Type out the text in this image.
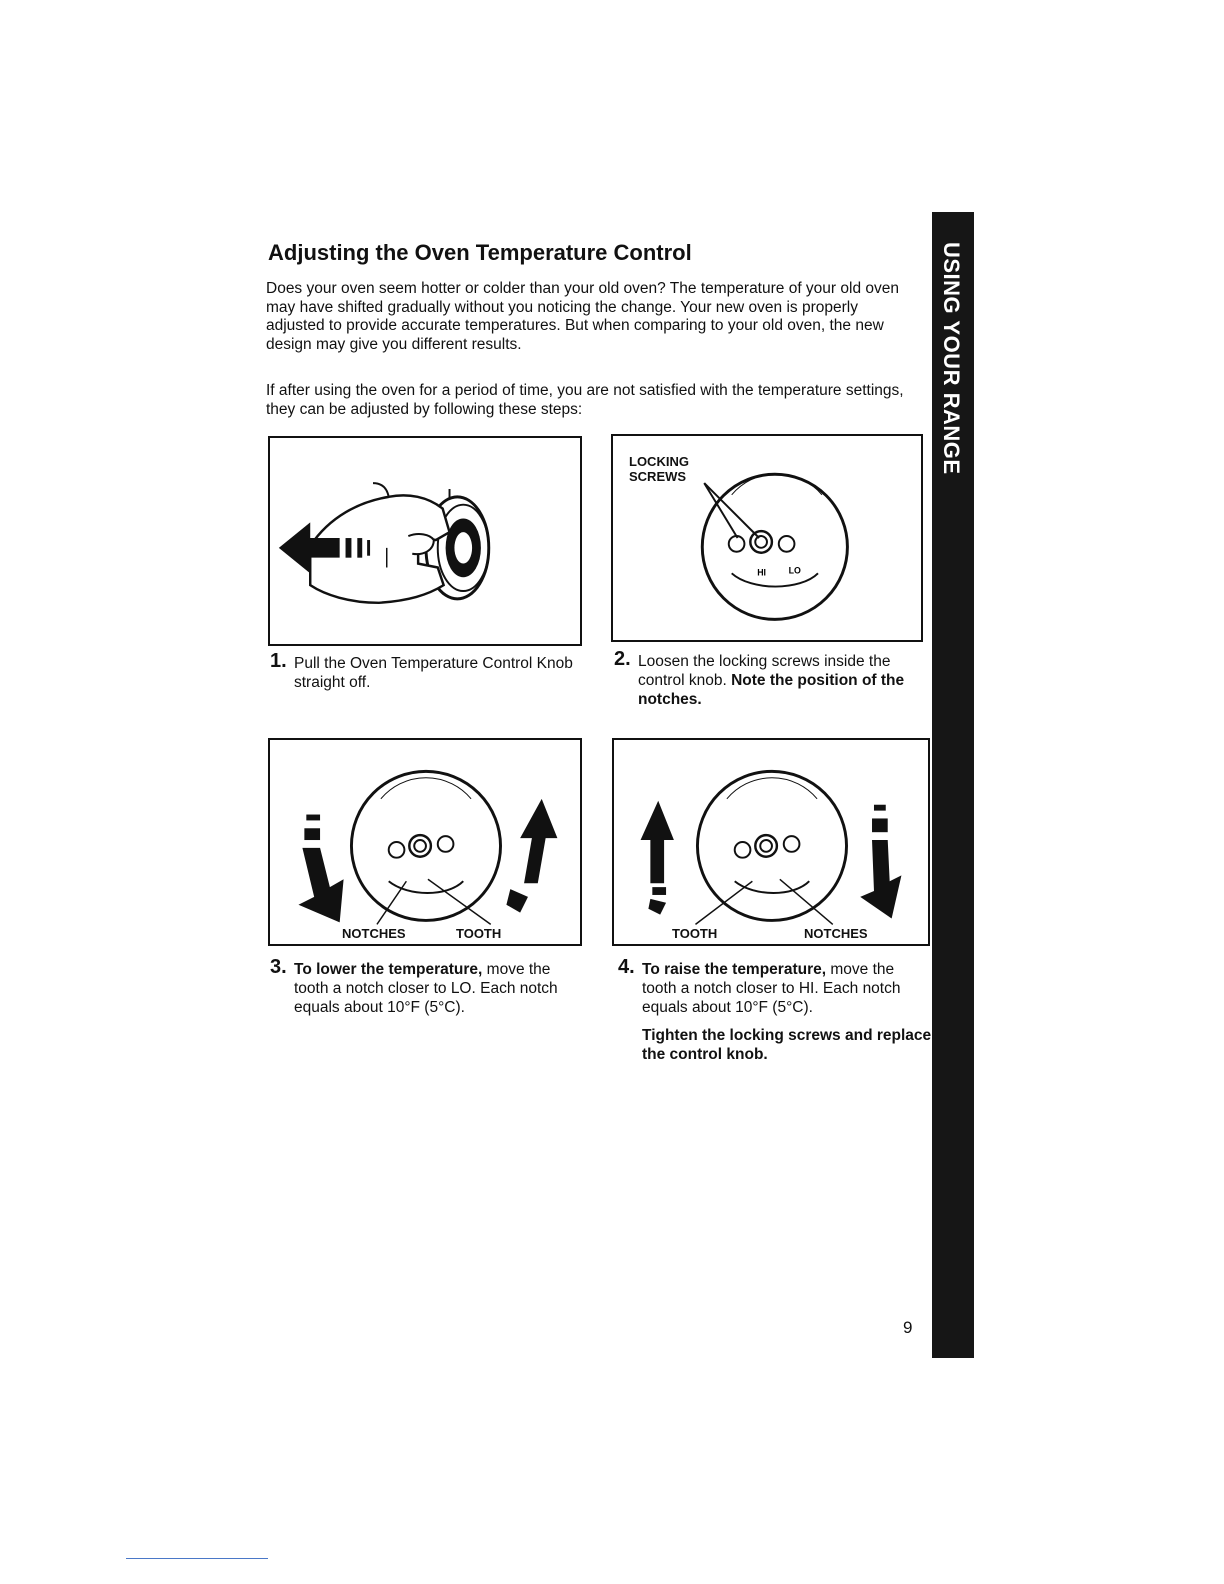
USING YOUR RANGE
Adjusting the Oven Temperature Control

Does your oven seem hotter or colder than your old oven? The temperature of your old oven may have shifted gradually without you noticing the change. Your new oven is properly adjusted to provide accurate temperatures. But when comparing to your old oven, the new design may give you different results.

If after using the oven for a period of time, you are not satisfied with the temperature settings, they can be adjusted by following these steps:

HI	LO
LOCKING
SCREWS
1. Pull the Oven Temperature Control Knob straight off.
2. Loosen the locking screws inside the control knob. Note the position of the notches.
NOTCHES	TOOTH	TOOTH	NOTCHES
3. To lower the temperature, move the tooth a notch closer to LO. Each notch equals about 10°F (5°C).
4. To raise the temperature, move the tooth a notch closer to HI. Each notch equals about 10°F (5°C).
Tighten the locking screws and replace the control knob.
9
